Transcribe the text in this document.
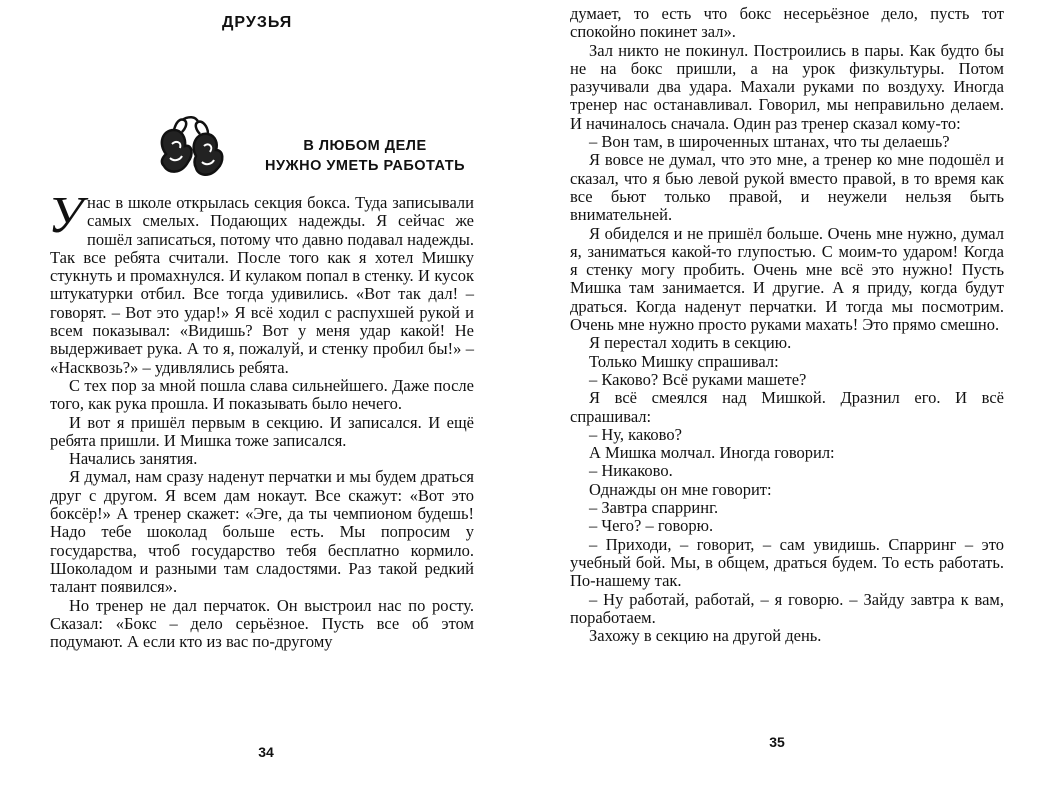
ДРУЗЬЯ
В ЛЮБОМ ДЕЛЕ
НУЖНО УМЕТЬ РАБОТАТЬ

Унас в школе открылась секция бокса. Туда записывали самых смелых. Подающих надежды. Я сейчас же пошёл записаться, потому что давно подавал надежды. Так все ребята считали. После того как я хотел Мишку стукнуть и промахнулся. И кулаком попал в стенку. И кусок штукатурки отбил. Все тогда удивились. «Вот так дал! – говорят. – Вот это удар!» Я всё ходил с распухшей рукой и всем показывал: «Видишь? Вот у меня удар какой! Не выдерживает рука. А то я, пожалуй, и стенку пробил бы!» – «Насквозь?» – удивлялись ребята.

С тех пор за мной пошла слава сильнейшего. Даже после того, как рука прошла. И показывать было нечего.

И вот я пришёл первым в секцию. И записался. И ещё ребята пришли. И Мишка тоже записался.

Начались занятия.

Я думал, нам сразу наденут перчатки и мы будем драться друг с другом. Я всем дам нокаут. Все скажут: «Вот это боксёр!» А тренер скажет: «Эге, да ты чемпионом будешь! Надо тебе шоколад больше есть. Мы попросим у государства, чтоб государство тебя бесплатно кормило. Шоколадом и разными там сладостями. Раз такой редкий талант появился».

Но тренер не дал перчаток. Он выстроил нас по росту. Сказал: «Бокс – дело серьёзное. Пусть все об этом подумают. А если кто из вас по-другому

34

думает, то есть что бокс несерьёзное дело, пусть тот спокойно покинет зал».

Зал никто не покинул. Построились в пары. Как будто бы не на бокс пришли, а на урок физкультуры. Потом разучивали два удара. Махали руками по воздуху. Иногда тренер нас останавливал. Говорил, мы неправильно делаем. И начиналось сначала. Один раз тренер сказал кому-то:

– Вон там, в широченных штанах, что ты делаешь?

Я вовсе не думал, что это мне, а тренер ко мне подошёл и сказал, что я бью левой рукой вместо правой, в то время как все бьют только правой, и неужели нельзя быть внимательней.

Я обиделся и не пришёл больше. Очень мне нужно, думал я, заниматься какой-то глупостью. С моим-то ударом! Когда я стенку могу пробить. Очень мне всё это нужно! Пусть Мишка там занимается. И другие. А я приду, когда будут драться. Когда наденут перчатки. И тогда мы посмотрим. Очень мне нужно просто руками махать! Это прямо смешно.

Я перестал ходить в секцию.

Только Мишку спрашивал:

– Каково? Всё руками машете?

Я всё смеялся над Мишкой. Дразнил его. И всё спрашивал:

– Ну, каково?

А Мишка молчал. Иногда говорил:

– Никаково.

Однажды он мне говорит:

– Завтра спарринг.

– Чего? – говорю.

– Приходи, – говорит, – сам увидишь. Спарринг – это учебный бой. Мы, в общем, драться будем. То есть работать. По-нашему так.

– Ну работай, работай, – я говорю. – Зайду завтра к вам, поработаем.

Захожу в секцию на другой день.

35
